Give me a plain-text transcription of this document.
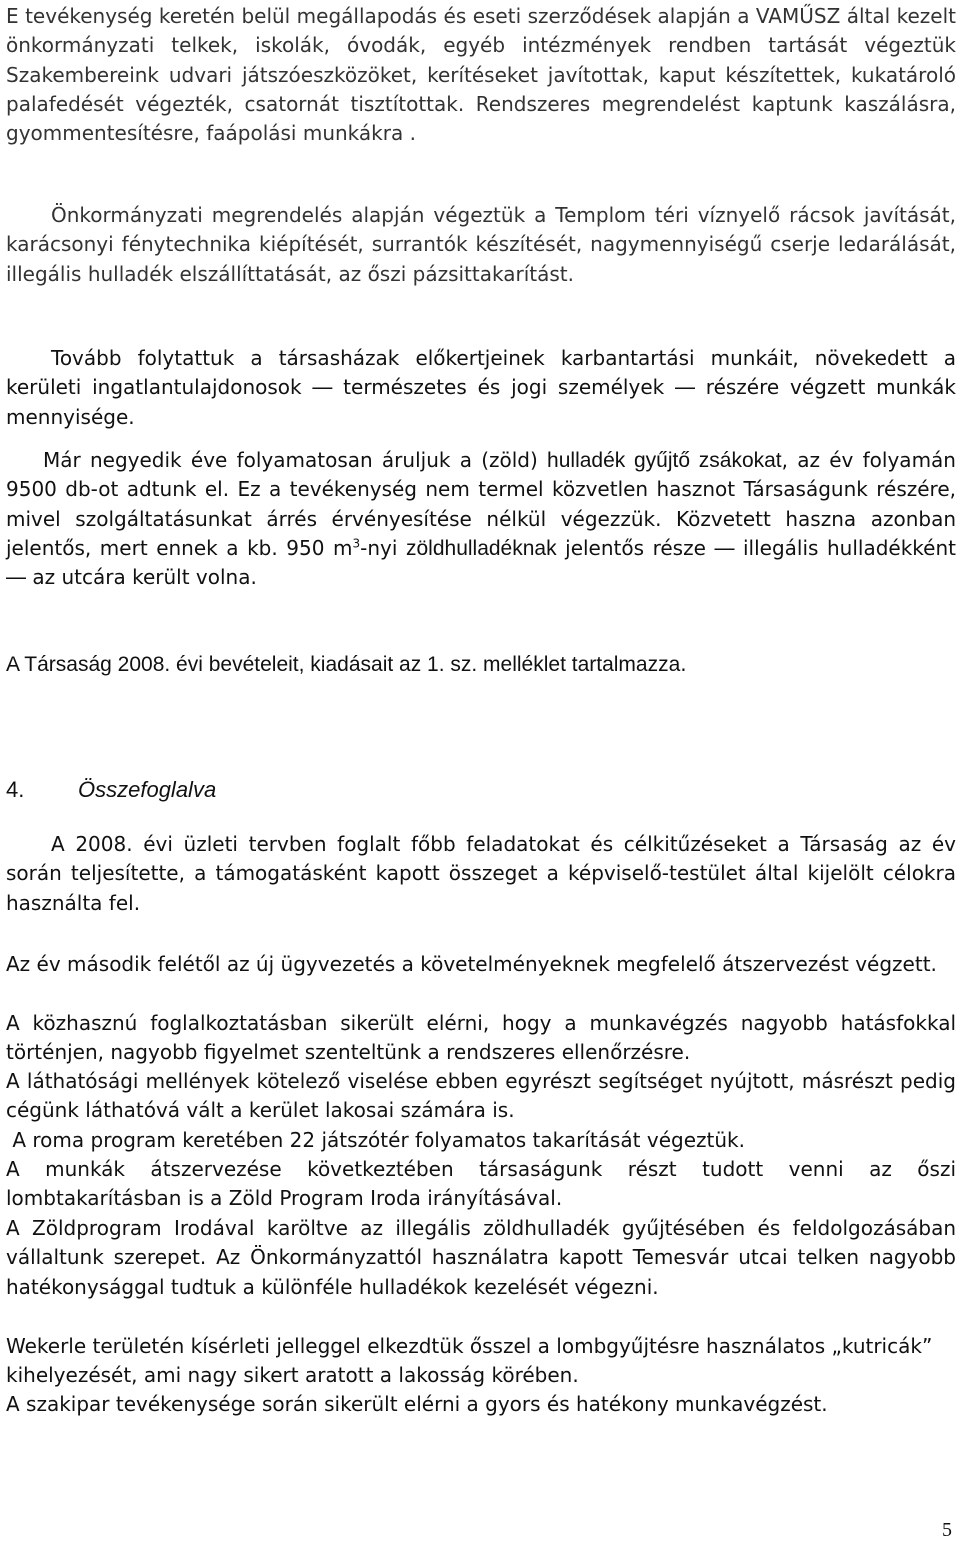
E tevékenység keretén belül megállapodás és eseti szerződések alapján a VAMŰSZ által kezelt önkormányzati telkek, iskolák, óvodák, egyéb intézmények rendben tartását végeztük Szakembereink udvari játszóeszközöket, kerítéseket javítottak, kaput készítettek, kukatároló palafedését végezték, csatornát tisztítottak. Rendszeres megrendelést kaptunk kaszálásra, gyommentesítésre, faápolási munkákra .

Önkormányzati megrendelés alapján végeztük a Templom téri víznyelő rácsok javítását, karácsonyi fénytechnika kiépítését, surrantók készítését, nagymennyiségű cserje ledarálását, illegális hulladék elszállíttatását, az őszi pázsittakarítást.

Tovább folytattuk a társasházak előkertjeinek karbantartási munkáit, növekedett a kerületi ingatlantulajdonosok ― természetes és jogi személyek ― részére végzett munkák mennyisége.

Már negyedik éve folyamatosan áruljuk a (zöld) hulladék gyűjtő zsákokat, az év folyamán 9500 db-ot adtunk el. Ez a tevékenység nem termel közvetlen hasznot Társaságunk részére, mivel szolgáltatásunkat árrés érvényesítése nélkül végezzük. Közvetett haszna azonban jelentős, mert ennek a kb. 950 $m^3$-nyi zöldhulladéknak jelentős része ― illegális hulladékként ― az utcára került volna.

A Társaság 2008. évi bevételeit, kiadásait az 1. sz. melléklet tartalmazza.

4. Összefoglalva

A 2008. évi üzleti tervben foglalt főbb feladatokat és célkitűzéseket a Társaság az év során teljesítette, a támogatásként kapott összeget a képviselő-testület által kijelölt célokra használta fel.

Az év második felétől az új ügyvezetés a követelményeknek megfelelő átszervezést végzett.

A közhasznú foglalkoztatásban sikerült elérni, hogy a munkavégzés nagyobb hatásfokkal történjen, nagyobb figyelmet szenteltünk a rendszeres ellenőrzésre.

A láthatósági mellények kötelező viselése ebben egyrészt segítséget nyújtott, másrészt pedig cégünk láthatóvá vált a kerület lakosai számára is.

A roma program keretében 22 játszótér folyamatos takarítását végeztük.

A munkák átszervezése következtében társaságunk részt tudott venni az őszi lombtakarításban is a Zöld Program Iroda irányításával.

A Zöldprogram Irodával karöltve az illegális zöldhulladék gyűjtésében és feldolgozásában vállaltunk szerepet. Az Önkormányzattól használatra kapott Temesvár utcai telken nagyobb hatékonysággal tudtuk a különféle hulladékok kezelését végezni.

Wekerle területén kísérleti jelleggel elkezdtük ősszel a lombgyűjtésre használatos „kutricák” kihelyezését, ami nagy sikert aratott a lakosság körében.

A szakipar tevékenysége során sikerült elérni a gyors és hatékony munkavégzést.

5
